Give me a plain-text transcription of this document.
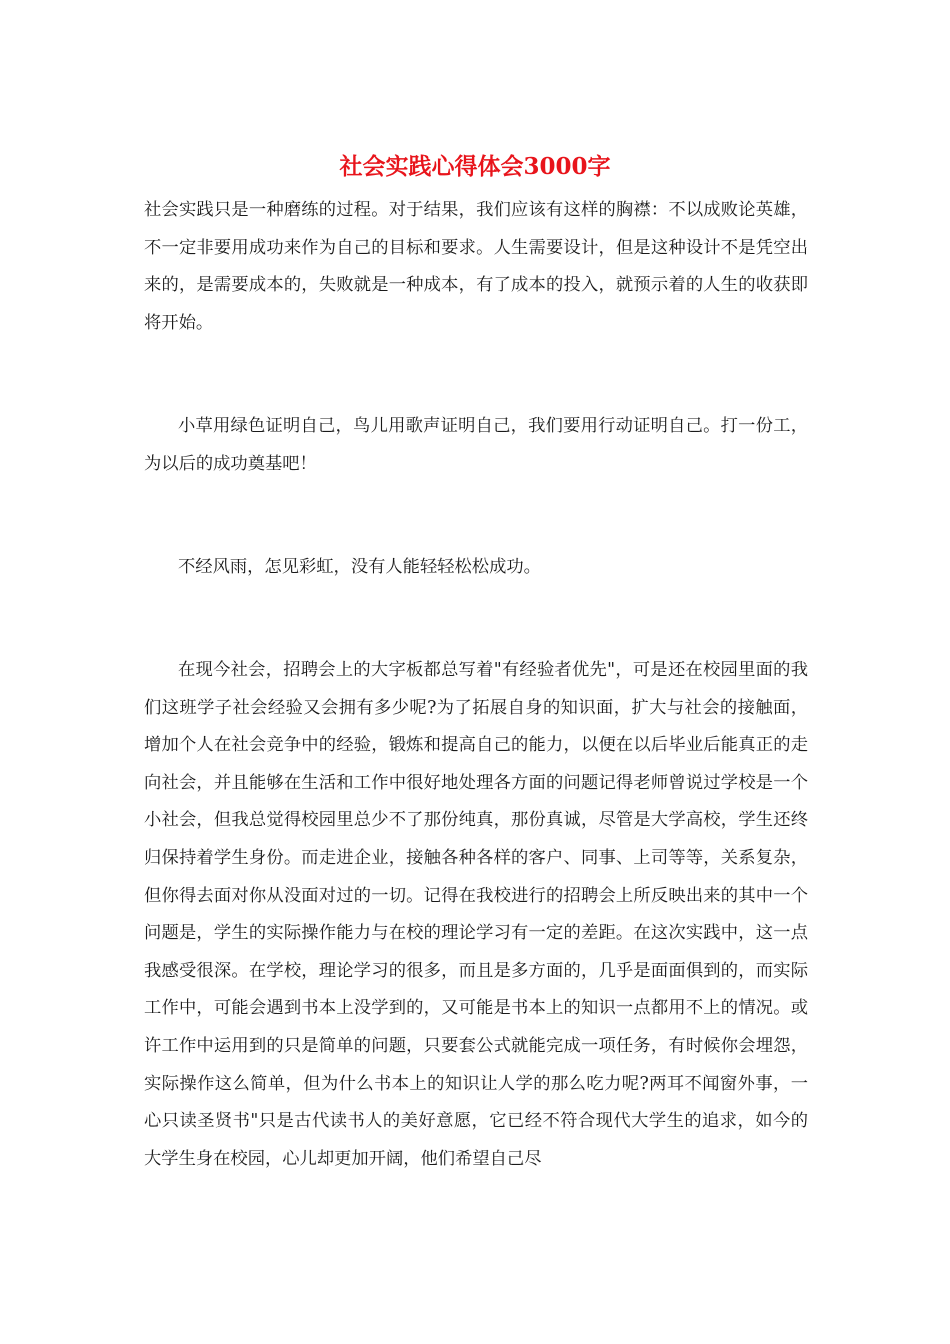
社会实践心得体会3000字

社会实践只是一种磨练的过程。对于结果，我们应该有这样的胸襟：不以成败论英雄，不一定非要用成功来作为自己的目标和要求。人生需要设计，但是这种设计不是凭空出来的，是需要成本的，失败就是一种成本，有了成本的投入，就预示着的人生的收获即将开始。

小草用绿色证明自己，鸟儿用歌声证明自己，我们要用行动证明自己。打一份工，为以后的成功奠基吧！

不经风雨，怎见彩虹，没有人能轻轻松松成功。

在现今社会，招聘会上的大字板都总写着"有经验者优先"，可是还在校园里面的我们这班学子社会经验又会拥有多少呢?为了拓展自身的知识面，扩大与社会的接触面，增加个人在社会竞争中的经验，锻炼和提高自己的能力，以便在以后毕业后能真正的走向社会，并且能够在生活和工作中很好地处理各方面的问题记得老师曾说过学校是一个小社会，但我总觉得校园里总少不了那份纯真，那份真诚，尽管是大学高校，学生还终归保持着学生身份。而走进企业，接触各种各样的客户、同事、上司等等，关系复杂，但你得去面对你从没面对过的一切。记得在我校进行的招聘会上所反映出来的其中一个问题是，学生的实际操作能力与在校的理论学习有一定的差距。在这次实践中，这一点我感受很深。在学校，理论学习的很多，而且是多方面的，几乎是面面俱到的，而实际工作中，可能会遇到书本上没学到的，又可能是书本上的知识一点都用不上的情况。或许工作中运用到的只是简单的问题，只要套公式就能完成一项任务，有时候你会埋怨，实际操作这么简单，但为什么书本上的知识让人学的那么吃力呢?两耳不闻窗外事，一心只读圣贤书"只是古代读书人的美好意愿，它已经不符合现代大学生的追求，如今的大学生身在校园，心儿却更加开阔，他们希望自己尽
